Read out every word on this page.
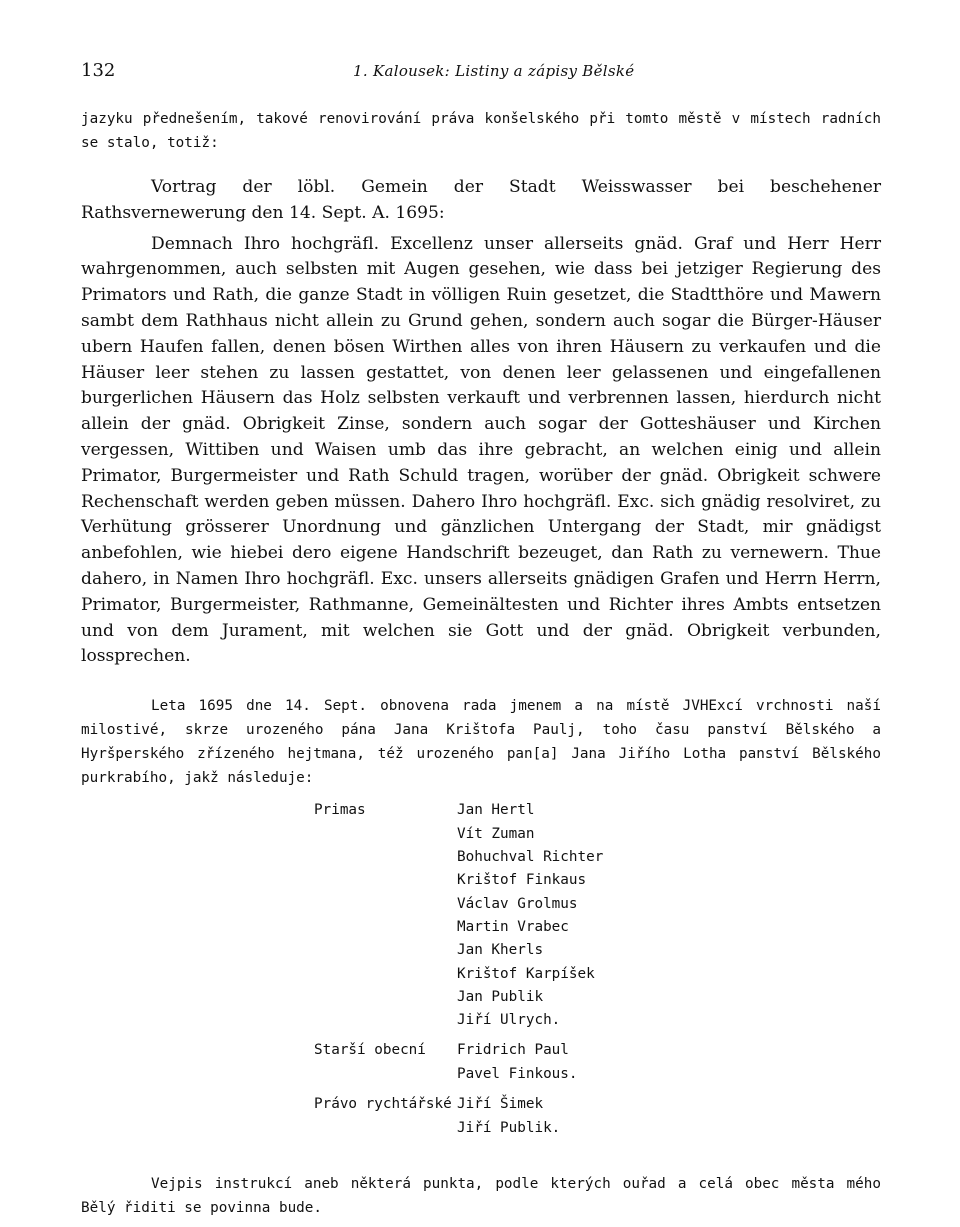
132	1. Kalousek: Listiny a zápisy Bělské

jazyku přednešením, takové renovirování práva konšelského při tomto městě v místech radních se stalo, totiž:

Vortrag der löbl. Gemein der Stadt Weisswasser bei beschehener Rathsvernewerung den 14. Sept. A. 1695:

Demnach Ihro hochgräfl. Excellenz unser allerseits gnäd. Graf und Herr Herr wahrgenommen, auch selbsten mit Augen gesehen, wie dass bei jetziger Regierung des Primators und Rath, die ganze Stadt in völligen Ruin gesetzet, die Stadtthöre und Mawern sambt dem Rathhaus nicht allein zu Grund gehen, sondern auch sogar die Bürger-Häuser ubern Haufen fallen, denen bösen Wirthen alles von ihren Häusern zu verkaufen und die Häuser leer stehen zu lassen gestattet, von denen leer gelassenen und eingefallenen burgerlichen Häusern das Holz selbsten verkauft und verbrennen lassen, hierdurch nicht allein der gnäd. Obrigkeit Zinse, sondern auch sogar der Gotteshäuser und Kirchen vergessen, Wittiben und Waisen umb das ihre gebracht, an welchen einig und allein Primator, Burgermeister und Rath Schuld tragen, worüber der gnäd. Obrigkeit schwere Rechenschaft werden geben müssen. Dahero Ihro hochgräfl. Exc. sich gnädig resolviret, zu Verhütung grösserer Unordnung und gänzlichen Untergang der Stadt, mir gnädigst anbefohlen, wie hiebei dero eigene Handschrift bezeuget, dan Rath zu vernewern. Thue dahero, in Namen Ihro hochgräfl. Exc. unsers allerseits gnädigen Grafen und Herrn Herrn, Primator, Burgermeister, Rathmanne, Gemeinältesten und Richter ihres Ambts entsetzen und von dem Jurament, mit welchen sie Gott und der gnäd. Obrigkeit verbunden, lossprechen.

Leta 1695 dne 14. Sept. obnovena rada jmenem a na místě JVHExcí vrchnosti naší milostivé, skrze urozeného pána Jana Krištofa Paulj, toho času panství Bělského a Hyršperského zřízeného hejtmana, též urozeného pan[a] Jana Jiřího Lotha panství Bělského purkrabího, jakž následuje:

Primas	Jan Hertl
Vít Zuman
Bohuchval Richter
Krištof Finkaus
Václav Grolmus
Martin Vrabec
Jan Kherls
Krištof Karpíšek
Jan Publik
Jiří Ulrych.
Starší obecní Fridrich Paul
Pavel Finkous.
Právo rychtářské Jiří Šimek
Jiří Publik.

Vejpis instrukcí aneb některá punkta, podle kterých ouřad a celá obec města mého Bělý řiditi se povinna bude.
